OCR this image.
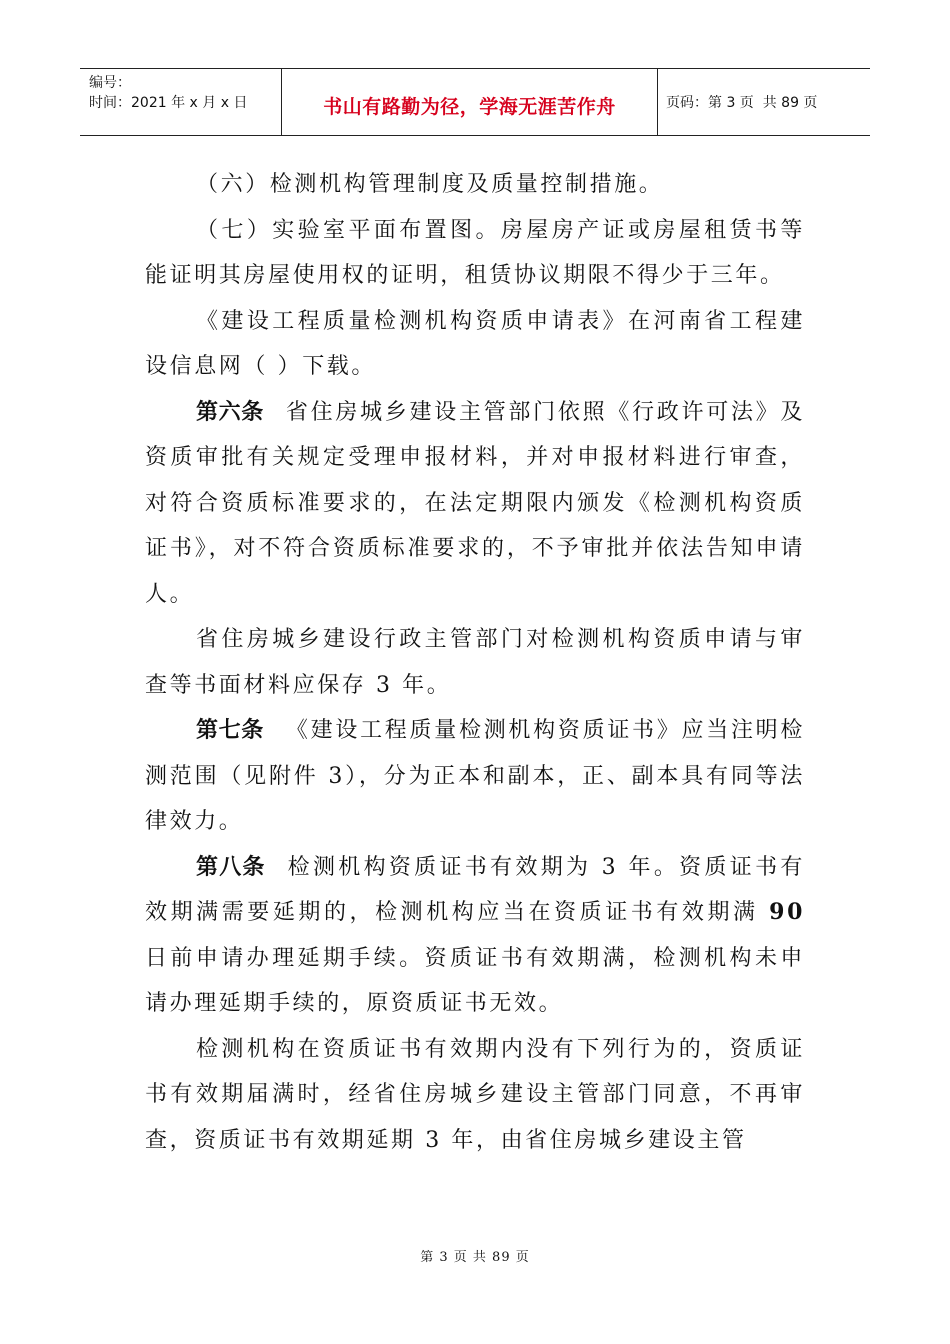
编号：
时间：2021 年 x 月 x 日	书山有路勤为径，学海无涯苦作舟	页码：第 3 页  共 89 页

（六）检测机构管理制度及质量控制措施。

（七）实验室平面布置图。房屋房产证或房屋租赁书等能证明其房屋使用权的证明，租赁协议期限不得少于三年。

《建设工程质量检测机构资质申请表》在河南省工程建设信息网（ ）下载。

第六条 省住房城乡建设主管部门依照《行政许可法》及资质审批有关规定受理申报材料，并对申报材料进行审查，对符合资质标准要求的，在法定期限内颁发《检测机构资质证书》，对不符合资质标准要求的，不予审批并依法告知申请人。

省住房城乡建设行政主管部门对检测机构资质申请与审查等书面材料应保存 3 年。

第七条 《建设工程质量检测机构资质证书》应当注明检测范围（见附件 3），分为正本和副本，正、副本具有同等法律效力。

第八条 检测机构资质证书有效期为 3 年。资质证书有效期满需要延期的，检测机构应当在资质证书有效期满 90 日前申请办理延期手续。资质证书有效期满，检测机构未申请办理延期手续的，原资质证书无效。

检测机构在资质证书有效期内没有下列行为的，资质证书有效期届满时，经省住房城乡建设主管部门同意，不再审查，资质证书有效期延期 3 年，由省住房城乡建设主管

第 3 页 共 89 页
